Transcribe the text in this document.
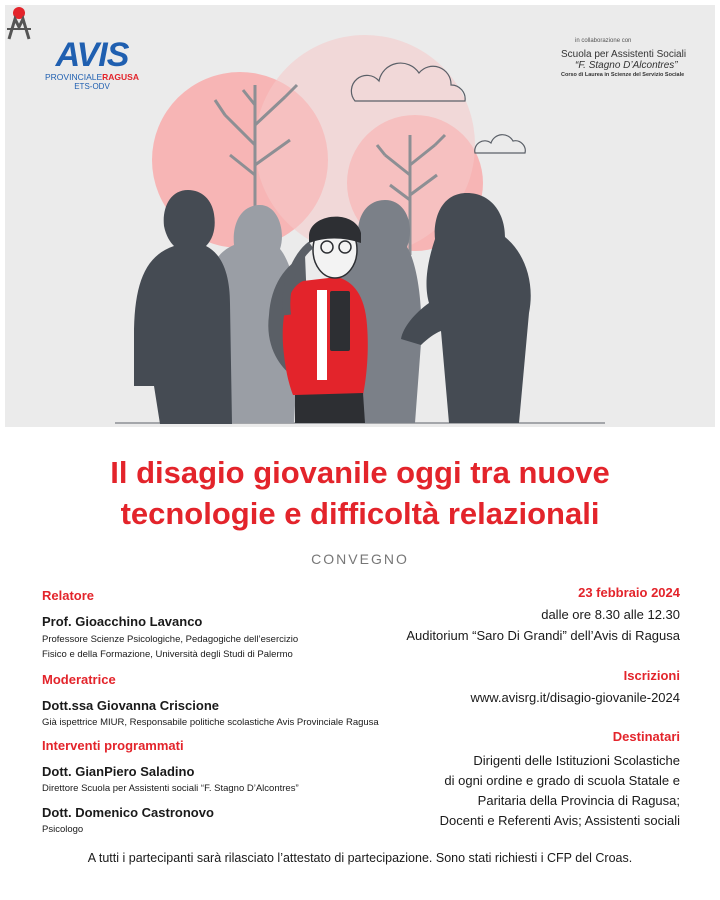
AVIS
PROVINCIALERAGUSA
ETS-ODV
in collaborazione con
Scuola per Assistenti Sociali
“F. Stagno D’Alcontres”
Corso di Laurea in Scienze del Servizio Sociale
Il disagio giovanile oggi tra nuove
tecnologie e difficoltà relazionali
CONVEGNO
Relatore
Prof. Gioacchino Lavanco
Professore Scienze Psicologiche, Pedagogiche dell’esercizio
Fisico e della Formazione, Università degli Studi di Palermo
Moderatrice
Dott.ssa Giovanna Criscione
Già ispettrice MIUR, Responsabile politiche scolastiche Avis Provinciale Ragusa
Interventi programmati
Dott. GianPiero Saladino
Direttore Scuola per Assistenti sociali “F. Stagno D’Alcontres”
Dott. Domenico Castronovo
Psicologo
23 febbraio 2024
dalle ore 8.30 alle 12.30
Auditorium “Saro Di Grandi” dell’Avis di Ragusa
Iscrizioni
www.avisrg.it/disagio-giovanile-2024
Destinatari
Dirigenti delle Istituzioni Scolastiche
di ogni ordine e grado di scuola Statale e
Paritaria della Provincia di Ragusa;
Docenti e Referenti Avis; Assistenti sociali
A tutti i partecipanti sarà rilasciato l’attestato di partecipazione. Sono stati richiesti i CFP del Croas.
